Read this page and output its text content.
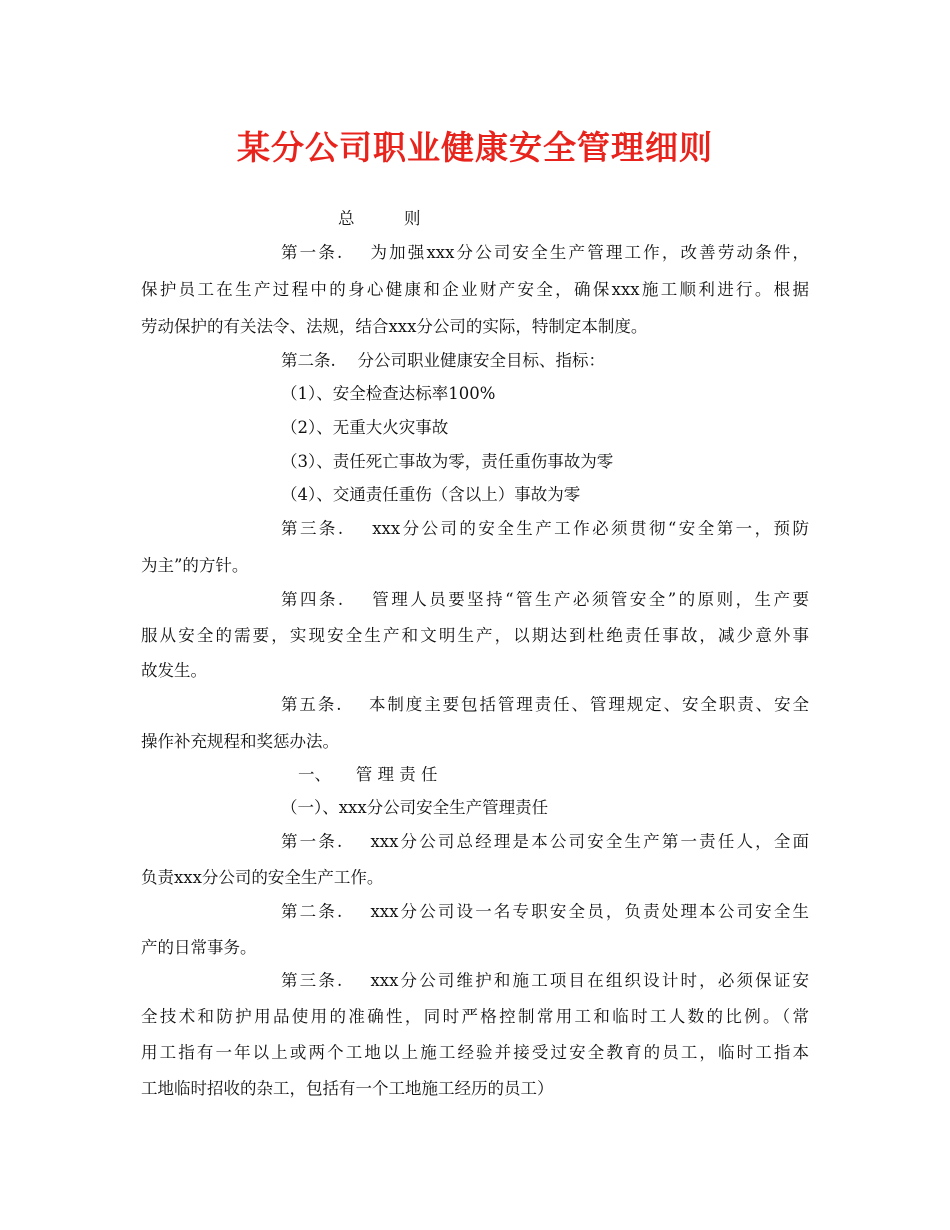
某分公司职业健康安全管理细则
总　　　则
第一条.　 为加强xxx分公司安全生产管理工作，改善劳动条件，
保护员工在生产过程中的身心健康和企业财产安全，确保xxx施工顺利进行。根据
劳动保护的有关法令、法规，结合xxx分公司的实际，特制定本制度。
第二条.　 分公司职业健康安全目标、指标：
（1）、安全检查达标率100%
（2）、无重大火灾事故
（3）、责任死亡事故为零，责任重伤事故为零
（4）、交通责任重伤（含以上）事故为零
第三条.　 xxx分公司的安全生产工作必须贯彻“安全第一，预防
为主”的方针。
第四条.　 管理人员要坚持“管生产必须管安全”的原则，生产要
服从安全的需要，实现安全生产和文明生产，以期达到杜绝责任事故，减少意外事
故发生。
第五条.　 本制度主要包括管理责任、管理规定、安全职责、安全
操作补充规程和奖惩办法。
一、　　管 理 责 任
（一）、xxx分公司安全生产管理责任
第一条.　 xxx分公司总经理是本公司安全生产第一责任人，全面
负责xxx分公司的安全生产工作。
第二条.　 xxx分公司设一名专职安全员，负责处理本公司安全生
产的日常事务。
第三条.　 xxx分公司维护和施工项目在组织设计时，必须保证安
全技术和防护用品使用的准确性，同时严格控制常用工和临时工人数的比例。（常
用工指有一年以上或两个工地以上施工经验并接受过安全教育的员工，临时工指本
工地临时招收的杂工，包括有一个工地施工经历的员工）
